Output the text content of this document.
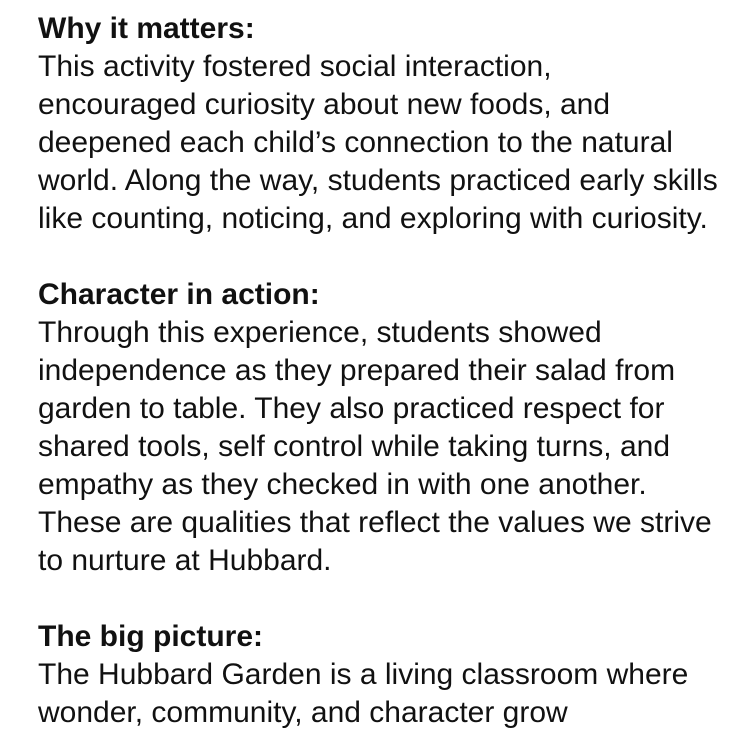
Why it matters:

This activity fostered social interaction, encouraged curiosity about new foods, and deepened each child’s connection to the natural world. Along the way, students practiced early skills like counting, noticing, and exploring with curiosity.

Character in action:

Through this experience, students showed independence as they prepared their salad from garden to table. They also practiced respect for shared tools, self control while taking turns, and empathy as they checked in with one another. These are qualities that reflect the values we strive to nurture at Hubbard.

The big picture:

The Hubbard Garden is a living classroom where wonder, community, and character grow
